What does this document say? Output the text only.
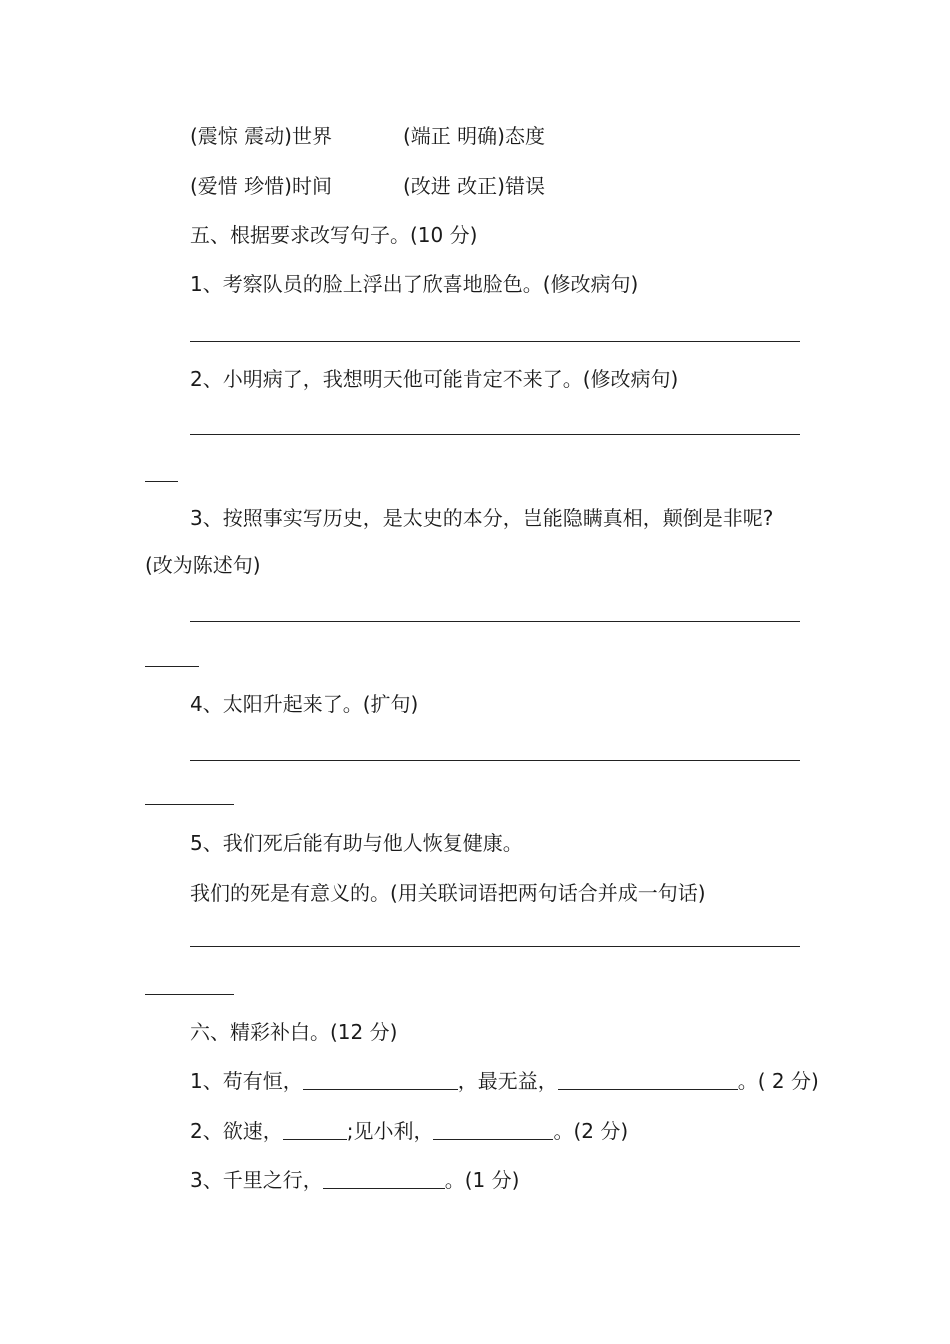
(震惊 震动)世界	(端正 明确)态度
(爱惜 珍惜)时间	(改进 改正)错误
五、根据要求改写句子。(10 分)
1、考察队员的脸上浮出了欣喜地脸色。(修改病句)
2、小明病了，我想明天他可能肯定不来了。(修改病句)
3、按照事实写历史，是太史的本分，岂能隐瞒真相，颠倒是非呢?
(改为陈述句)
4、太阳升起来了。(扩句)
5、我们死后能有助与他人恢复健康。
我们的死是有意义的。(用关联词语把两句话合并成一句话)
六、精彩补白。(12 分)
1、苟有恒，	，最无益，	。( 2 分)
2、欲速，	;见小利，	。(2 分)
3、千里之行，	。(1 分)
